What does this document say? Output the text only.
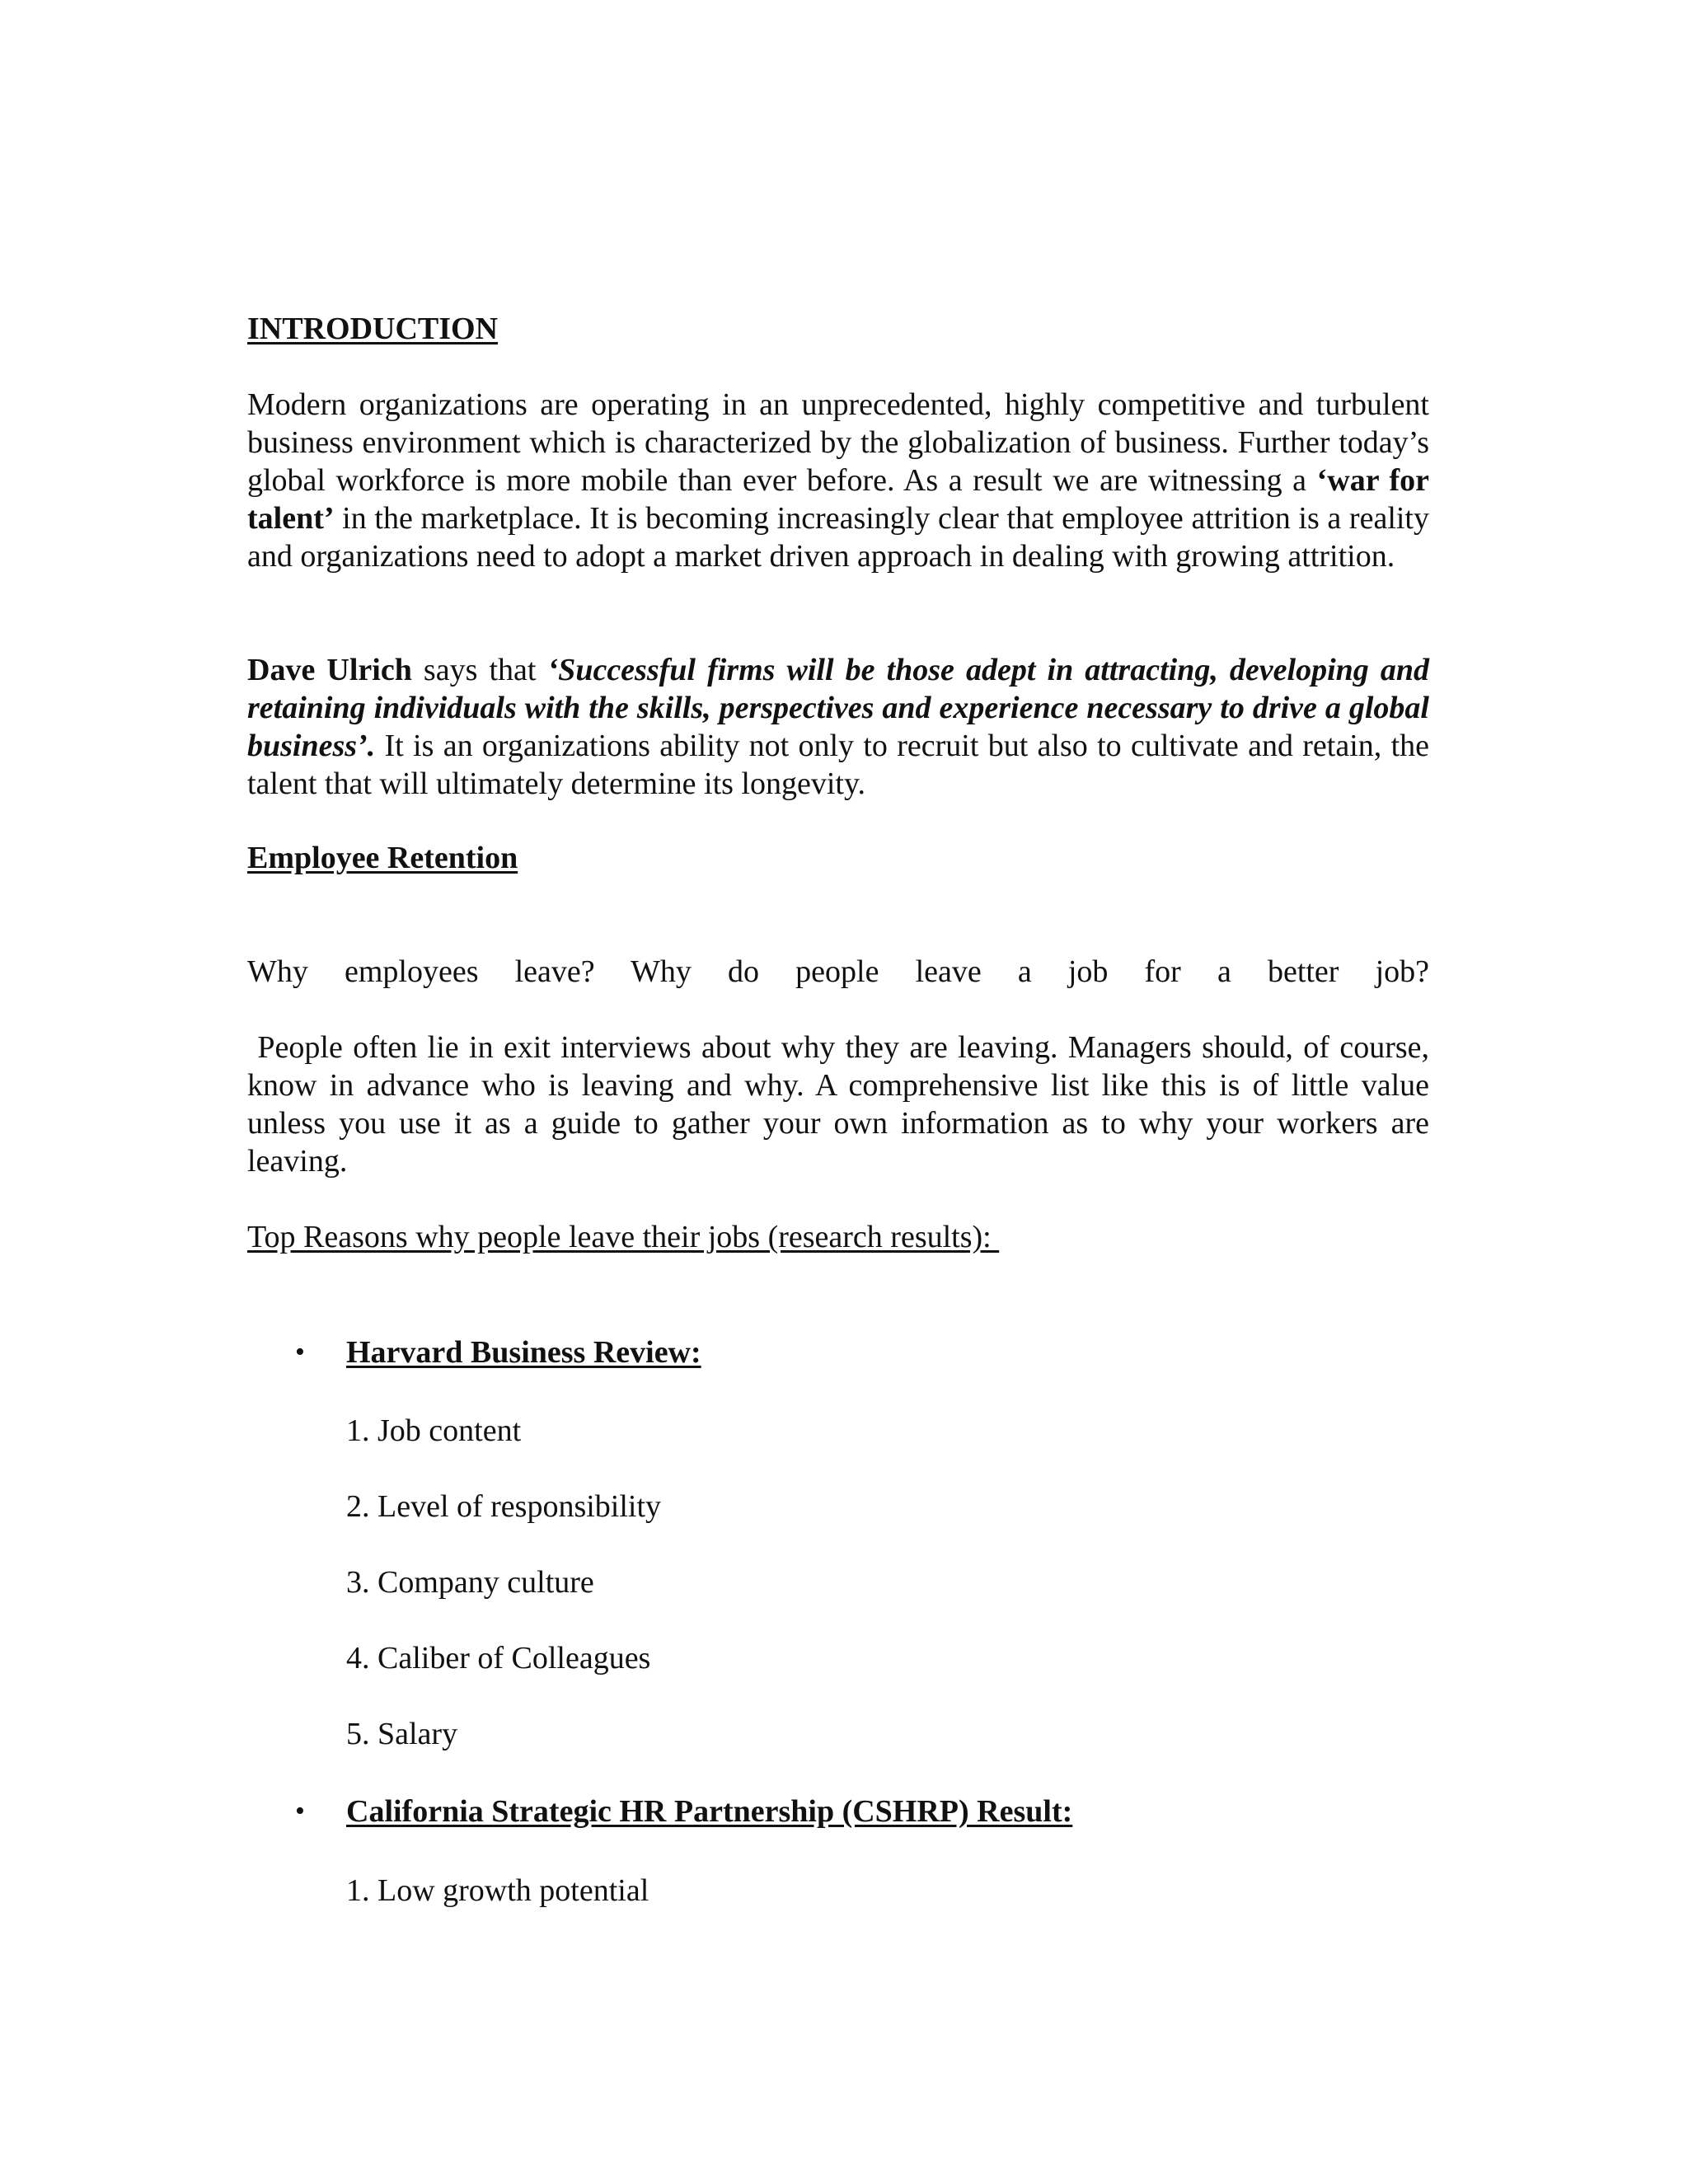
INTRODUCTION

Modern organizations are operating in an unprecedented, highly competitive and turbulent business environment which is characterized by the globalization of business. Further today’s global workforce is more mobile than ever before. As a result we are witnessing a ‘war for talent’ in the marketplace. It is becoming increasingly clear that employee attrition is a reality and organizations need to adopt a market driven approach in dealing with growing attrition.

Dave Ulrich says that ‘Successful firms will be those adept in attracting, developing and retaining individuals with the skills, perspectives and experience necessary to drive a global business’. It is an organizations ability not only to recruit but also to cultivate and retain, the talent that will ultimately determine its longevity.

Employee Retention

Why employees leave? Why do people leave a job for a better job?

People often lie in exit interviews about why they are leaving. Managers should, of course, know in advance who is leaving and why. A comprehensive list like this is of little value unless you use it as a guide to gather your own information as to why your workers are leaving.

Top Reasons why people leave their jobs (research results):
• Harvard Business Review:
1. Job content
2. Level of responsibility
3. Company culture
4. Caliber of Colleagues
5. Salary
• California Strategic HR Partnership (CSHRP) Result:
1. Low growth potential
